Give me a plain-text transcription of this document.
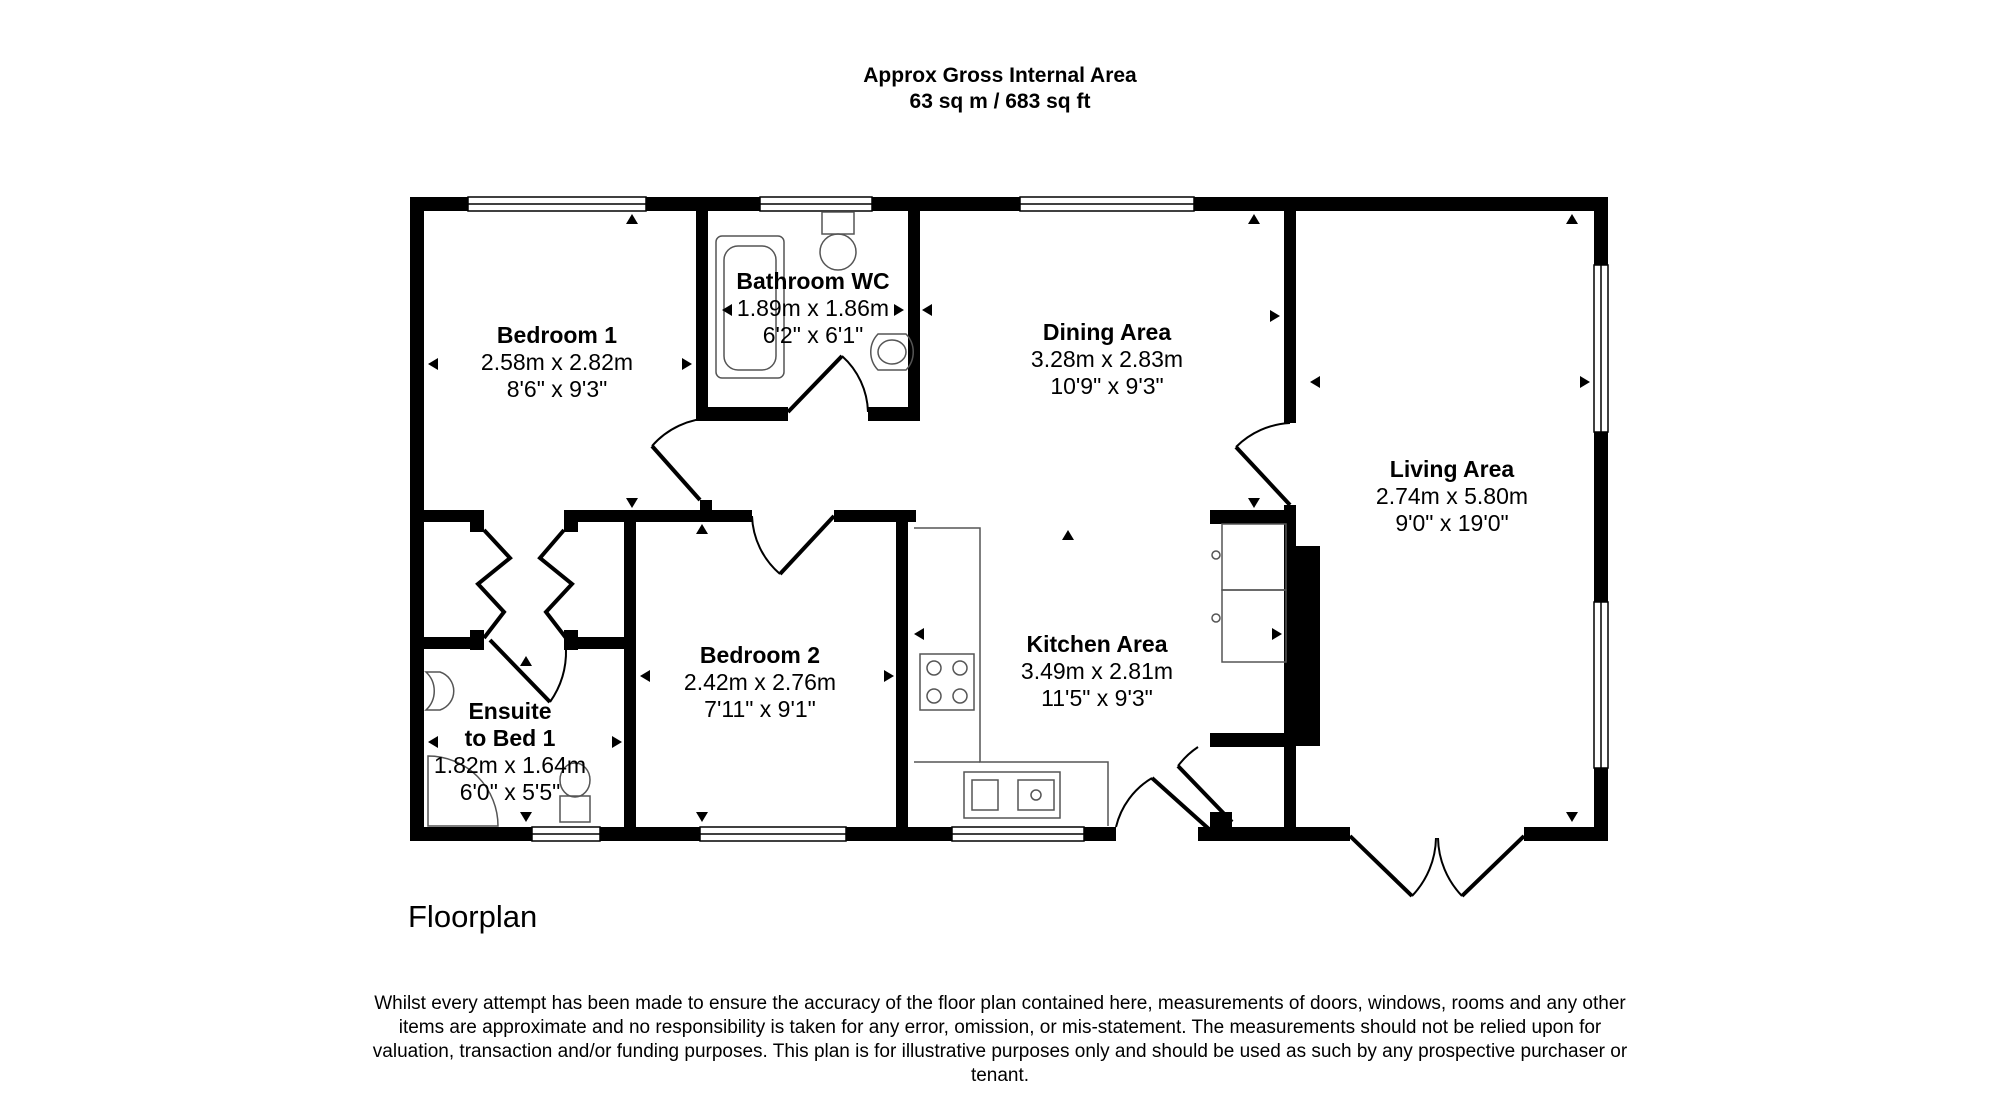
Approx Gross Internal Area
63 sq m / 683 sq ft
Bedroom 1
2.58m x 2.82m
8'6" x 9'3"
Bathroom WC
1.89m x 1.86m
6'2" x 6'1"	Dining Area
3.28m x 2.83m
10'9" x 9'3"
Living Area
2.74m x 5.80m
9'0" x 19'0"
Bedroom 2
2.42m x 2.76m
7'11" x 9'1"
Kitchen Area
3.49m x 2.81m
11'5" x 9'3"
Ensuite
to Bed 1
1.82m x 1.64m
6'0" x 5'5"
Floorplan
Whilst every attempt has been made to ensure the accuracy of the floor plan contained here, measurements of doors, windows, rooms and any other items are approximate and no responsibility is taken for any error, omission, or mis-statement. The measurements should not be relied upon for valuation, transaction and/or funding purposes. This plan is for illustrative purposes only and should be used as such by any prospective purchaser or tenant.
